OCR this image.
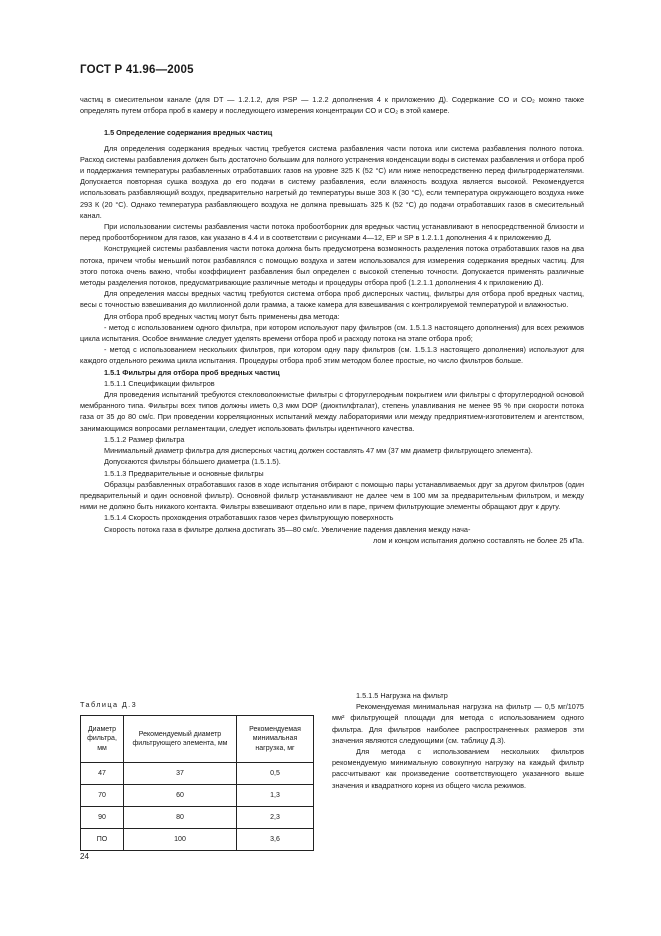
ГОСТ Р 41.96—2005

частиц в смесительном канале (для DT — 1.2.1.2, для PSP — 1.2.2 дополнения 4 к приложению Д). Содержание CO и CO₂ можно также определять путем отбора проб в камеру и последующего измерения концентрации CO и CO₂ в этой камере.

1.5 Определение содержания вредных частиц

Для определения содержания вредных частиц требуется система разбавления части потока или система разбавления полного потока. Расход системы разбавления должен быть достаточно большим для полного устранения конденсации воды в системах разбавления и отбора проб и поддержания температуры разбавленных отработавших газов на уровне 325 К (52 °С) или ниже непосредственно перед фильтродержателями. Допускается повторная сушка воздуха до его подачи в систему разбавления, если влажность воздуха является высокой. Рекомендуется использовать разбавляющий воздух, предварительно нагретый до температуры выше 303 К (30 °С), если температура окружающего воздуха ниже 293 К (20 °С). Однако температура разбавляющего воздуха не должна превышать 325 К (52 °С) до подачи отработавших газов в смесительный канал.

При использовании системы разбавления части потока пробоотборник для вредных частиц устанавливают в непосредственной близости и перед пробоотборником для газов, как указано в 4.4 и в соответствии с рисунками 4—12, EP и SP в 1.2.1.1 дополнения 4 к приложению Д.

Конструкцией системы разбавления части потока должна быть предусмотрена возможность разделения потока отработавших газов на два потока, причем чтобы меньший поток разбавлялся с помощью воздуха и затем использовался для измерения содержания вредных частиц. Для этого потока очень важно, чтобы коэффициент разбавления был определен с высокой степенью точности. Допускается применять различные методы разделения потоков, предусматривающие различные методы и процедуры отбора проб (1.2.1.1 дополнения 4 к приложению Д).

Для определения массы вредных частиц требуются система отбора проб дисперсных частиц, фильтры для отбора проб вредных частиц, весы с точностью взвешивания до миллионной доли грамма, а также камера для взвешивания с контролируемой температурой и влажностью.

Для отбора проб вредных частиц могут быть применены два метода:

- метод с использованием одного фильтра, при котором используют пару фильтров (см. 1.5.1.3 настоящего дополнения) для всех режимов цикла испытания. Особое внимание следует уделять времени отбора проб и расходу потока на этапе отбора проб;

- метод с использованием нескольких фильтров, при котором одну пару фильтров (см. 1.5.1.3 настоящего дополнения) используют для каждого отдельного режима цикла испытания. Процедуры отбора проб этим методом более простые, но число фильтров больше.

1.5.1 Фильтры для отбора проб вредных частиц

1.5.1.1 Спецификации фильтров

Для проведения испытаний требуются стекловолокнистые фильтры с фторуглеродным покрытием или фильтры с фторуглеродной основой мембранного типа. Фильтры всех типов должны иметь 0,3 мкм DOP (диоктилфталат), степень улавливания не менее 95 % при скорости потока газа от 35 до 80 см/с. При проведении корреляционных испытаний между лабораториями или между предприятием-изготовителем и агентством, занимающимся вопросами регламентации, следует использовать фильтры идентичного качества.

1.5.1.2 Размер фильтра

Минимальный диаметр фильтра для дисперсных частиц должен составлять 47 мм (37 мм диаметр фильтрующего элемента).

Допускаются фильтры бо́льшего диаметра (1.5.1.5).

1.5.1.3 Предварительные и основные фильтры

Образцы разбавленных отработавших газов в ходе испытания отбирают с помощью пары устанавливаемых друг за другом фильтров (один предварительный и один основной фильтр). Основной фильтр устанавливают не далее чем в 100 мм за предварительным фильтром, и между ними не должно быть никакого контакта. Фильтры взвешивают отдельно или в паре, причем фильтрующие элементы обращают друг к другу.

1.5.1.4 Скорость прохождения отработавших газов через фильтрующую поверхность

Скорость потока газа в фильтре должна достигать 35—80 см/с. Увеличение падения давления между нача-

лом и концом испытания должно составлять не более 25 кПа.

Таблица Д.3
Диаметр фильтра, мм	Рекомендуемый диаметр фильтрующего элемента, мм	Рекомендуемая минимальная нагрузка, мг
47	37	0,5
70	60	1,3
90	80	2,3
ПО	100	3,6

1.5.1.5 Нагрузка на фильтр

Рекомендуемая минимальная нагрузка на фильтр — 0,5 мг/1075 мм² фильтрующей площади для метода с использованием одного фильтра. Для фильтров наиболее распространенных размеров эти значения являются следующими (см. таблицу Д.3).

Для метода с использованием нескольких фильтров рекомендуемую минимальную совокупную нагрузку на каждый фильтр рассчитывают как произведение соответствующего указанного выше значения и квадратного корня из общего числа режимов.

24
